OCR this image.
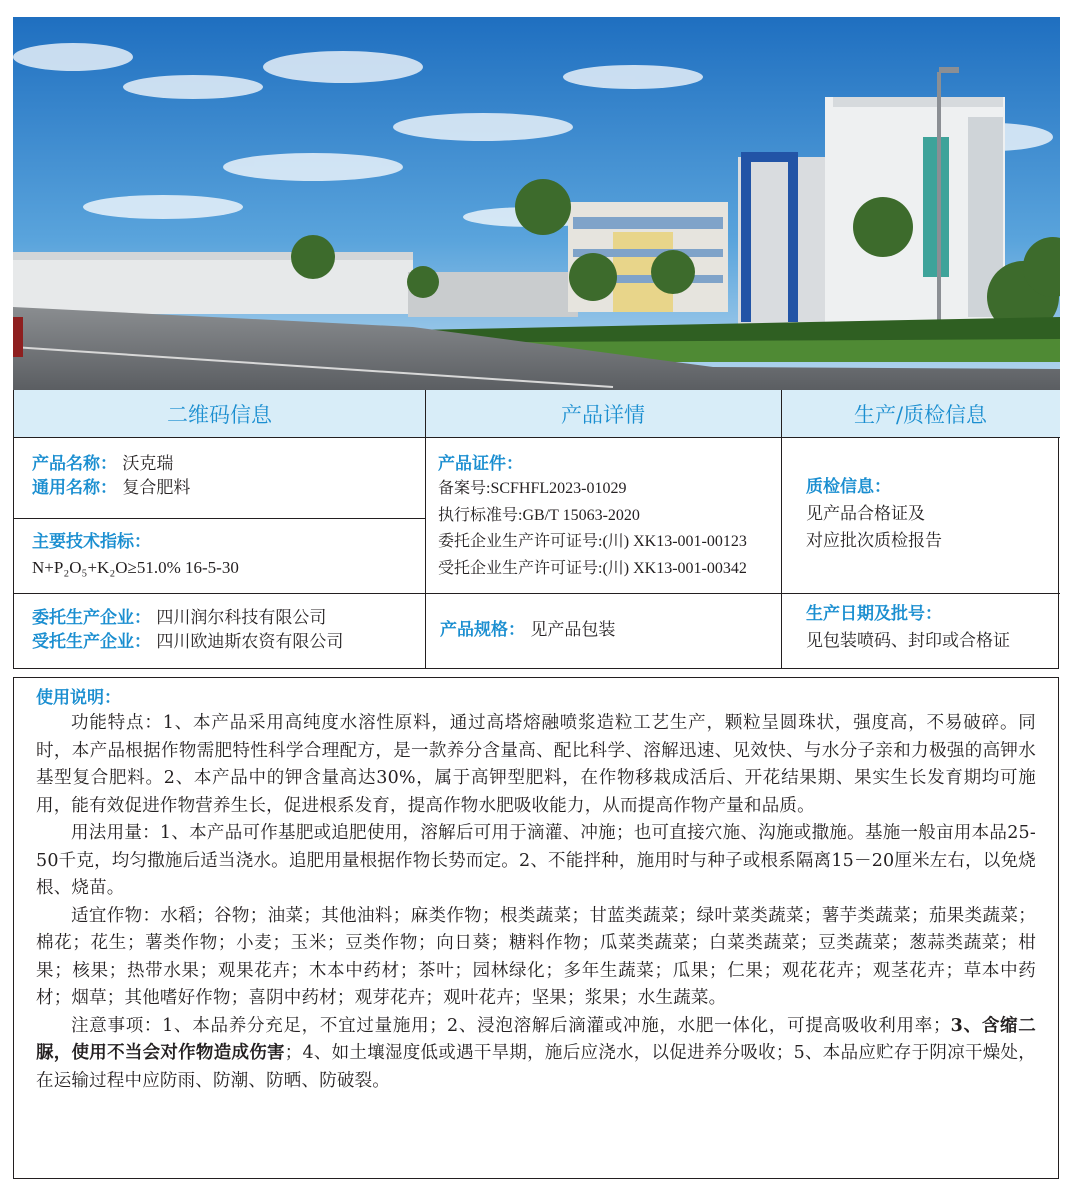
二维码信息	产品详情	生产/质检信息
产品名称： 沃克瑞
通用名称： 复合肥料
主要技术指标：
N+P₂O₅+K₂O≥51.0% 16-5-30
产品证件：
备案号:SCFHFL2023-01029
执行标准号:GB/T 15063-2020
委托企业生产许可证号:(川) XK13-001-00123
受托企业生产许可证号:(川) XK13-001-00342
质检信息：
见产品合格证及
对应批次质检报告
委托生产企业： 四川润尔科技有限公司
受托生产企业： 四川欧迪斯农资有限公司
产品规格： 见产品包装
生产日期及批号：
见包装喷码、封印或合格证
使用说明：

功能特点：1、本产品采用高纯度水溶性原料，通过高塔熔融喷浆造粒工艺生产，颗粒呈圆珠状，强度高，不易破碎。同时，本产品根据作物需肥特性科学合理配方，是一款养分含量高、配比科学、溶解迅速、见效快、与水分子亲和力极强的高钾水基型复合肥料。2、本产品中的钾含量高达30%，属于高钾型肥料，在作物移栽成活后、开花结果期、果实生长发育期均可施用，能有效促进作物营养生长，促进根系发育，提高作物水肥吸收能力，从而提高作物产量和品质。

用法用量：1、本产品可作基肥或追肥使用，溶解后可用于滴灌、冲施；也可直接穴施、沟施或撒施。基施一般亩用本品25-50千克，均匀撒施后适当浇水。追肥用量根据作物长势而定。2、不能拌种，施用时与种子或根系隔离15－20厘米左右，以免烧根、烧苗。

适宜作物：水稻；谷物；油菜；其他油料；麻类作物；根类蔬菜；甘蓝类蔬菜；绿叶菜类蔬菜；薯芋类蔬菜；茄果类蔬菜；棉花；花生；薯类作物；小麦；玉米；豆类作物；向日葵；糖料作物；瓜菜类蔬菜；白菜类蔬菜；豆类蔬菜；葱蒜类蔬菜；柑果；核果；热带水果；观果花卉；木本中药材；茶叶；园林绿化；多年生蔬菜；瓜果；仁果；观花花卉；观茎花卉；草本中药材；烟草；其他嗜好作物；喜阴中药材；观芽花卉；观叶花卉；坚果；浆果；水生蔬菜。

注意事项：1、本品养分充足，不宜过量施用；2、浸泡溶解后滴灌或冲施，水肥一体化，可提高吸收利用率；3、含缩二脲，使用不当会对作物造成伤害；4、如土壤湿度低或遇干旱期，施后应浇水，以促进养分吸收；5、本品应贮存于阴凉干燥处，在运输过程中应防雨、防潮、防晒、防破裂。
